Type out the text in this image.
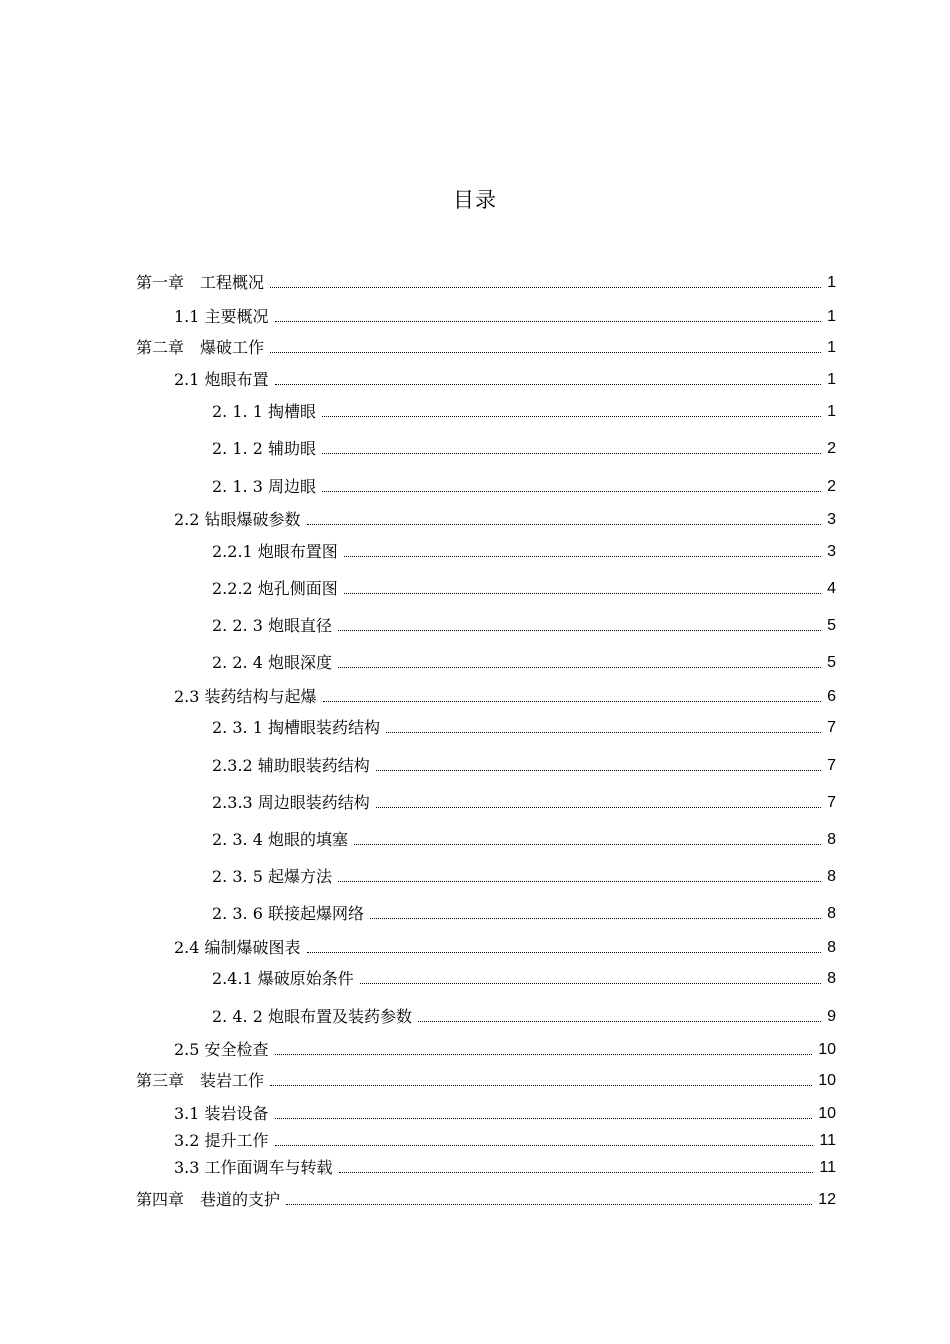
目录
第一章　工程概况	1
1.1 主要概况	1
第二章　爆破工作	1
2.1 炮眼布置	1
2. 1. 1 掏槽眼	1
2. 1. 2 辅助眼	2
2. 1. 3 周边眼	2
2.2 钻眼爆破参数	3
2.2.1 炮眼布置图	3
2.2.2 炮孔侧面图	4
2. 2. 3 炮眼直径	5
2. 2. 4 炮眼深度	5
2.3 装药结构与起爆	6
2. 3. 1 掏槽眼装药结构	7
2.3.2 辅助眼装药结构	7
2.3.3 周边眼装药结构	7
2. 3. 4 炮眼的填塞	8
2. 3. 5 起爆方法	8
2. 3. 6 联接起爆网络	8
2.4 编制爆破图表	8
2.4.1 爆破原始条件	8
2. 4. 2 炮眼布置及装药参数	9
2.5 安全检查	10
第三章　装岩工作	10
3.1 装岩设备	10
3.2 提升工作	11
3.3 工作面调车与转载	11
第四章　巷道的支护	12
